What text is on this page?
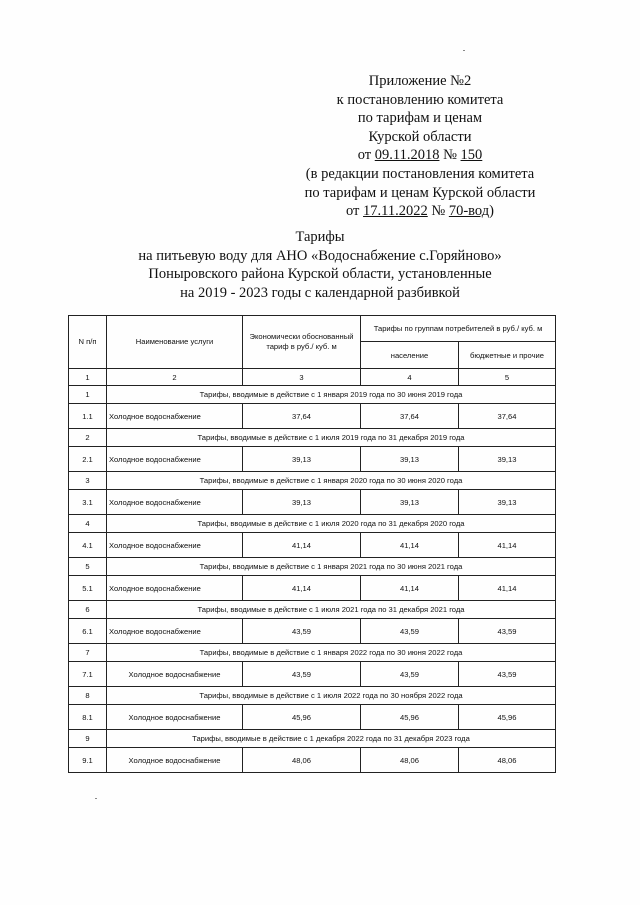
Приложение №2
к постановлению комитета
по тарифам и ценам
Курской области
от 09.11.2018 № 150
(в редакции постановления комитета
по тарифам и ценам Курской области
от 17.11.2022 № 70-вод)
Тарифы
на питьевую воду для АНО «Водоснабжение с.Горяйново»
Поныровского района Курской области, установленные
на 2019 - 2023 годы с календарной разбивкой
N п/п	Наименование услуги	Экономически обоснованный тариф в руб./ куб. м	Тарифы по группам потребителей в руб./ куб. м	
			население	бюджетные и прочие
1	2	3	4	5
1	Тарифы, вводимые в действие с 1 января 2019 года по 30 июня 2019 года			
1.1	Холодное водоснабжение	37,64	37,64	37,64
2	Тарифы, вводимые в действие с 1 июля 2019 года по 31 декабря 2019 года			
2.1	Холодное водоснабжение	39,13	39,13	39,13
3	Тарифы, вводимые в действие с 1 января 2020 года по 30 июня 2020 года			
3.1	Холодное водоснабжение	39,13	39,13	39,13
4	Тарифы, вводимые в действие с 1 июля 2020 года по 31 декабря 2020 года			
4.1	Холодное водоснабжение	41,14	41,14	41,14
5	Тарифы, вводимые в действие с 1 января 2021 года по 30 июня 2021 года			
5.1	Холодное водоснабжение	41,14	41,14	41,14
6	Тарифы, вводимые в действие с 1 июля 2021 года по 31 декабря 2021 года			
6.1	Холодное водоснабжение	43,59	43,59	43,59
7	Тарифы, вводимые в действие с 1 января 2022 года по 30 июня 2022 года			
7.1	Холодное водоснабжение	43,59	43,59	43,59
8	Тарифы, вводимые в действие с 1 июля 2022 года по 30 ноября 2022 года			
8.1	Холодное водоснабжение	45,96	45,96	45,96
9	Тарифы, вводимые в действие с 1 декабря 2022 года по 31 декабря 2023 года			
9.1	Холодное водоснабжение	48,06	48,06	48,06
